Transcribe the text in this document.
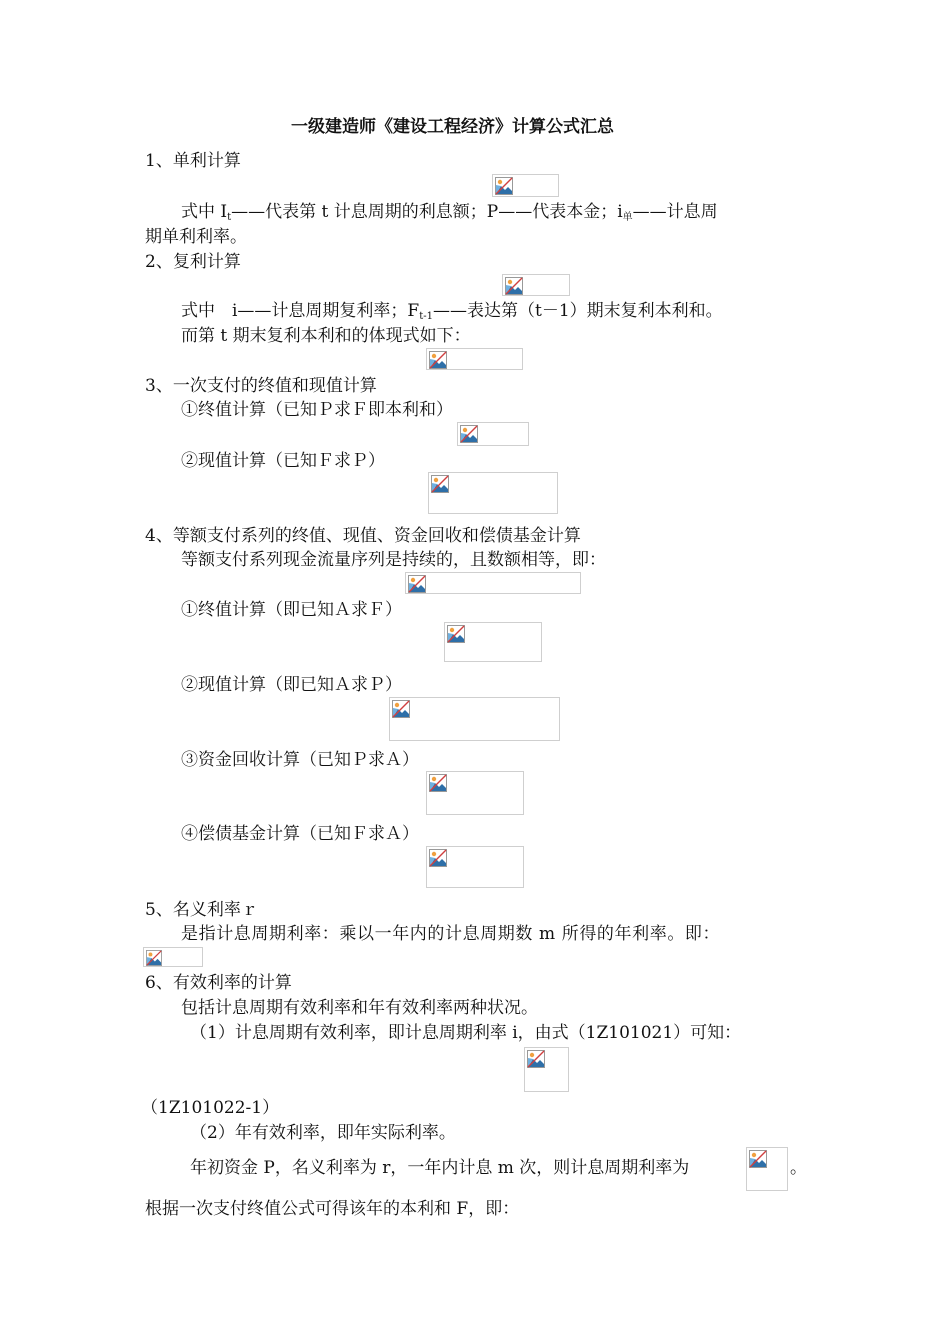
一级建造师《建设工程经济》计算公式汇总
1、单利计算
式中 $I_t——$代表第 t 计息周期的利息额；P——代表本金；$i_单——$计息周
期单利利率。
2、复利计算
式中　i——计息周期复利率；$F_{t-1}——$表达第（t－1）期末复利本利和。
而第 t 期末复利本利和的体现式如下：
3、一次支付的终值和现值计算
①终值计算（已知Ｐ求Ｆ即本利和）
②现值计算（已知Ｆ求Ｐ）
4、等额支付系列的终值、现值、资金回收和偿债基金计算
等额支付系列现金流量序列是持续的，且数额相等，即：
①终值计算（即已知Ａ求Ｆ）
②现值计算（即已知Ａ求Ｐ）
③资金回收计算（已知Ｐ求Ａ）
④偿债基金计算（已知Ｆ求Ａ）
5、名义利率ｒ
是指计息周期利率：乘以一年内的计息周期数 m 所得的年利率。即：
6、有效利率的计算
包括计息周期有效利率和年有效利率两种状况。
（1）计息周期有效利率，即计息周期利率 i，由式（1Z101021）可知：
（1Z101022-1）
（2）年有效利率，即年实际利率。
年初资金 P，名义利率为 r，一年内计息 m 次，则计息周期利率为	。
根据一次支付终值公式可得该年的本利和 F，即：
